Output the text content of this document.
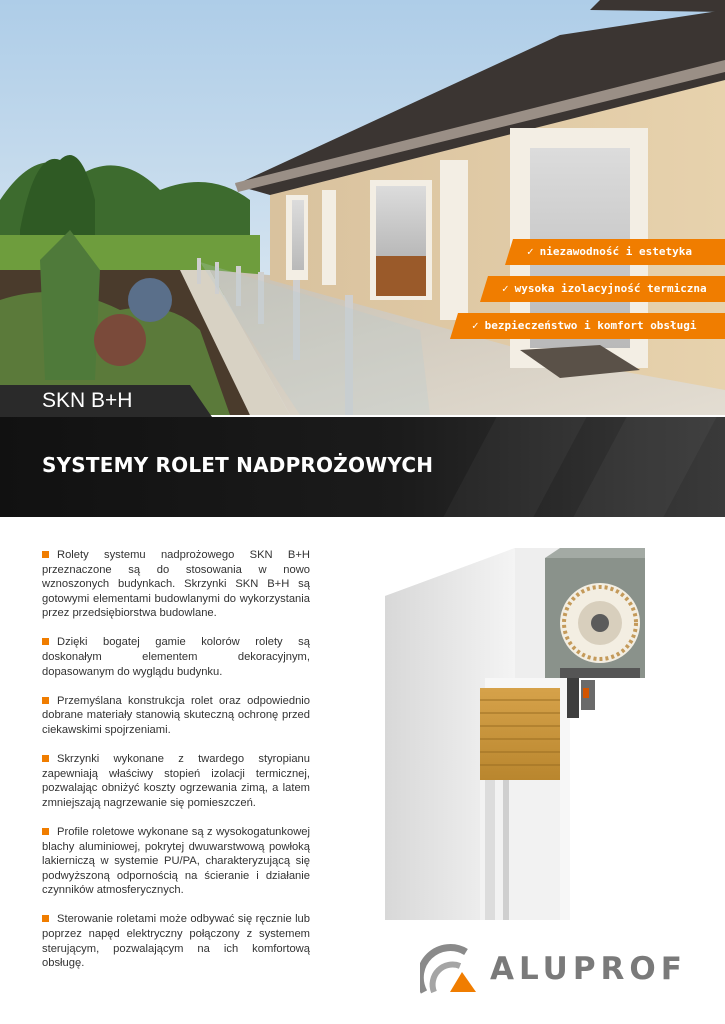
✓ niezawodność i estetyka
✓ wysoka izolacyjność termiczna
✓ bezpieczeństwo i komfort obsługi
SKN B+H
SYSTEMY ROLET NADPROŻOWYCH

Rolety systemu nadprożowego SKN B+H przeznaczone są do stosowania w nowo wznoszonych budynkach. Skrzynki SKN B+H są gotowymi elementami budowlanymi do wykorzystania przez przedsiębiorstwa budowlane.

Dzięki bogatej gamie kolorów rolety są doskonałym elementem dekoracyjnym, dopasowanym do wyglądu budynku.

Przemyślana konstrukcja rolet oraz odpowiednio dobrane materiały stanowią skuteczną ochronę przed ciekawskimi spojrzeniami.

Skrzynki wykonane z twardego styropianu zapewniają właściwy stopień izolacji termicznej, pozwalając obniżyć koszty ogrzewania zimą, a latem zmniejszają nagrzewanie się pomieszczeń.

Profile roletowe wykonane są z wysokogatunkowej blachy aluminiowej, pokrytej dwuwarstwową powłoką lakierniczą w systemie PU/PA, charakteryzującą się podwyższoną odpornością na ścieranie i działanie czynników atmosferycznych.

Sterowanie roletami może odbywać się ręcznie lub poprzez napęd elektryczny połączony z systemem sterującym, pozwalającym na ich komfortową obsługę.	ALUPROF
